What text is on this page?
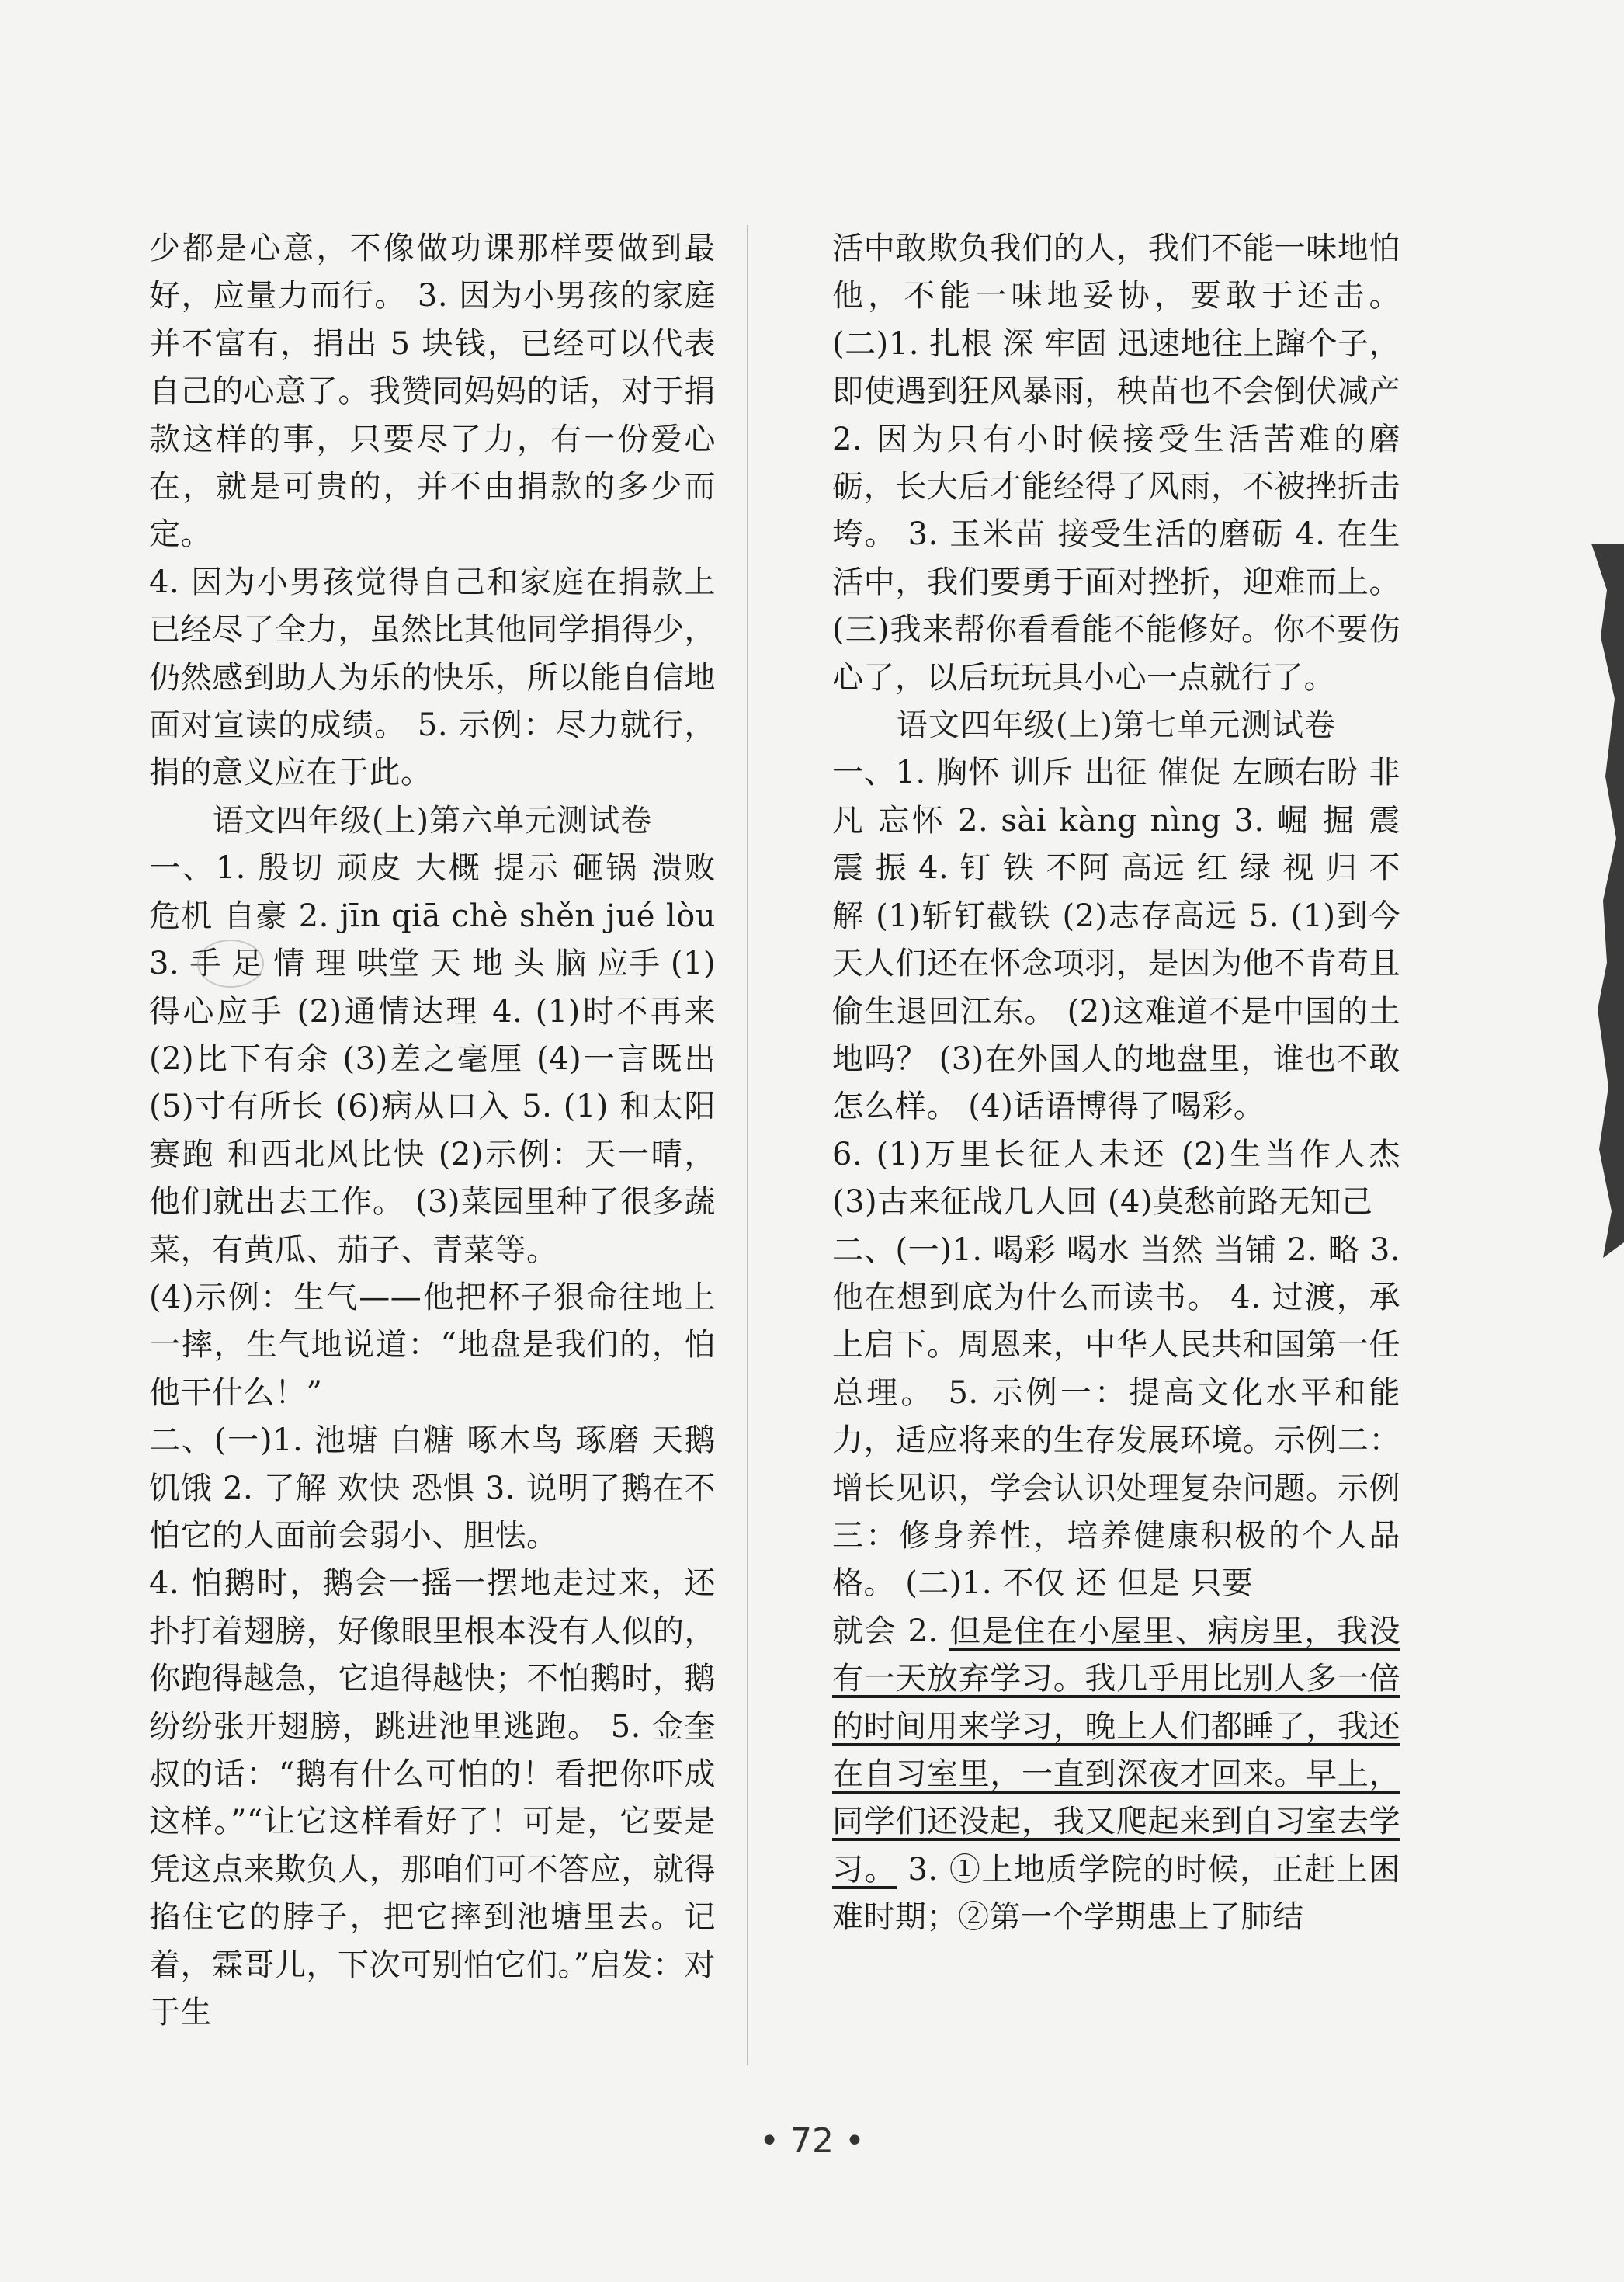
少都是心意，不像做功课那样要做到最好，应量力而行。 3. 因为小男孩的家庭并不富有，捐出 5 块钱，已经可以代表自己的心意了。我赞同妈妈的话，对于捐款这样的事，只要尽了力，有一份爱心在，就是可贵的，并不由捐款的多少而定。

4. 因为小男孩觉得自己和家庭在捐款上已经尽了全力，虽然比其他同学捐得少，仍然感到助人为乐的快乐，所以能自信地面对宣读的成绩。 5. 示例：尽力就行，捐的意义应在于此。

语文四年级(上)第六单元测试卷

一、1. 殷切 顽皮 大概 提示 砸锅 溃败 危机 自豪 2. jīn qiā chè shěn jué lòu 3. 手 足 情 理 哄堂 天 地 头 脑 应手 (1)得心应手 (2)通情达理 4. (1)时不再来 (2)比下有余 (3)差之毫厘 (4)一言既出 (5)寸有所长 (6)病从口入 5. (1) 和太阳赛跑 和西北风比快 (2)示例：天一晴，他们就出去工作。 (3)菜园里种了很多蔬菜，有黄瓜、茄子、青菜等。

(4)示例：生气——他把杯子狠命往地上一摔，生气地说道：“地盘是我们的，怕他干什么！”

二、(一)1. 池塘 白糖 啄木鸟 琢磨 天鹅 饥饿 2. 了解 欢快 恐惧 3. 说明了鹅在不怕它的人面前会弱小、胆怯。

4. 怕鹅时，鹅会一摇一摆地走过来，还扑打着翅膀，好像眼里根本没有人似的，你跑得越急，它追得越快；不怕鹅时，鹅纷纷张开翅膀，跳进池里逃跑。 5. 金奎叔的话：“鹅有什么可怕的！看把你吓成这样。”“让它这样看好了！可是，它要是凭这点来欺负人，那咱们可不答应，就得掐住它的脖子，把它摔到池塘里去。记着，霖哥儿，下次可别怕它们。”启发：对于生

活中敢欺负我们的人，我们不能一味地怕他，不能一味地妥协，要敢于还击。 (二)1. 扎根 深 牢固 迅速地往上蹿个子，即使遇到狂风暴雨，秧苗也不会倒伏减产 2. 因为只有小时候接受生活苦难的磨砺，长大后才能经得了风雨，不被挫折击垮。 3. 玉米苗 接受生活的磨砺 4. 在生活中，我们要勇于面对挫折，迎难而上。 (三)我来帮你看看能不能修好。你不要伤心了，以后玩玩具小心一点就行了。

语文四年级(上)第七单元测试卷

一、1. 胸怀 训斥 出征 催促 左顾右盼 非凡 忘怀 2. sài kàng nìng 3. 崛 掘 震 震 振 4. 钉 铁 不阿 高远 红 绿 视 归 不解 (1)斩钉截铁 (2)志存高远 5. (1)到今天人们还在怀念项羽，是因为他不肯苟且偷生退回江东。 (2)这难道不是中国的土地吗？ (3)在外国人的地盘里，谁也不敢怎么样。 (4)话语博得了喝彩。

6. (1)万里长征人未还 (2)生当作人杰 (3)古来征战几人回 (4)莫愁前路无知己

二、(一)1. 喝彩 喝水 当然 当铺 2. 略 3. 他在想到底为什么而读书。 4. 过渡，承上启下。周恩来，中华人民共和国第一任总理。 5. 示例一：提高文化水平和能力，适应将来的生存发展环境。示例二：增长见识，学会认识处理复杂问题。示例三：修身养性，培养健康积极的个人品格。 (二)1. 不仅 还 但是 只要

就会 2. 但是住在小屋里、病房里，我没有一天放弃学习。我几乎用比别人多一倍的时间用来学习，晚上人们都睡了，我还在自习室里，一直到深夜才回来。早上，同学们还没起，我又爬起来到自习室去学习。 3. ①上地质学院的时候，正赶上困难时期；②第一个学期患上了肺结

• 72 •
